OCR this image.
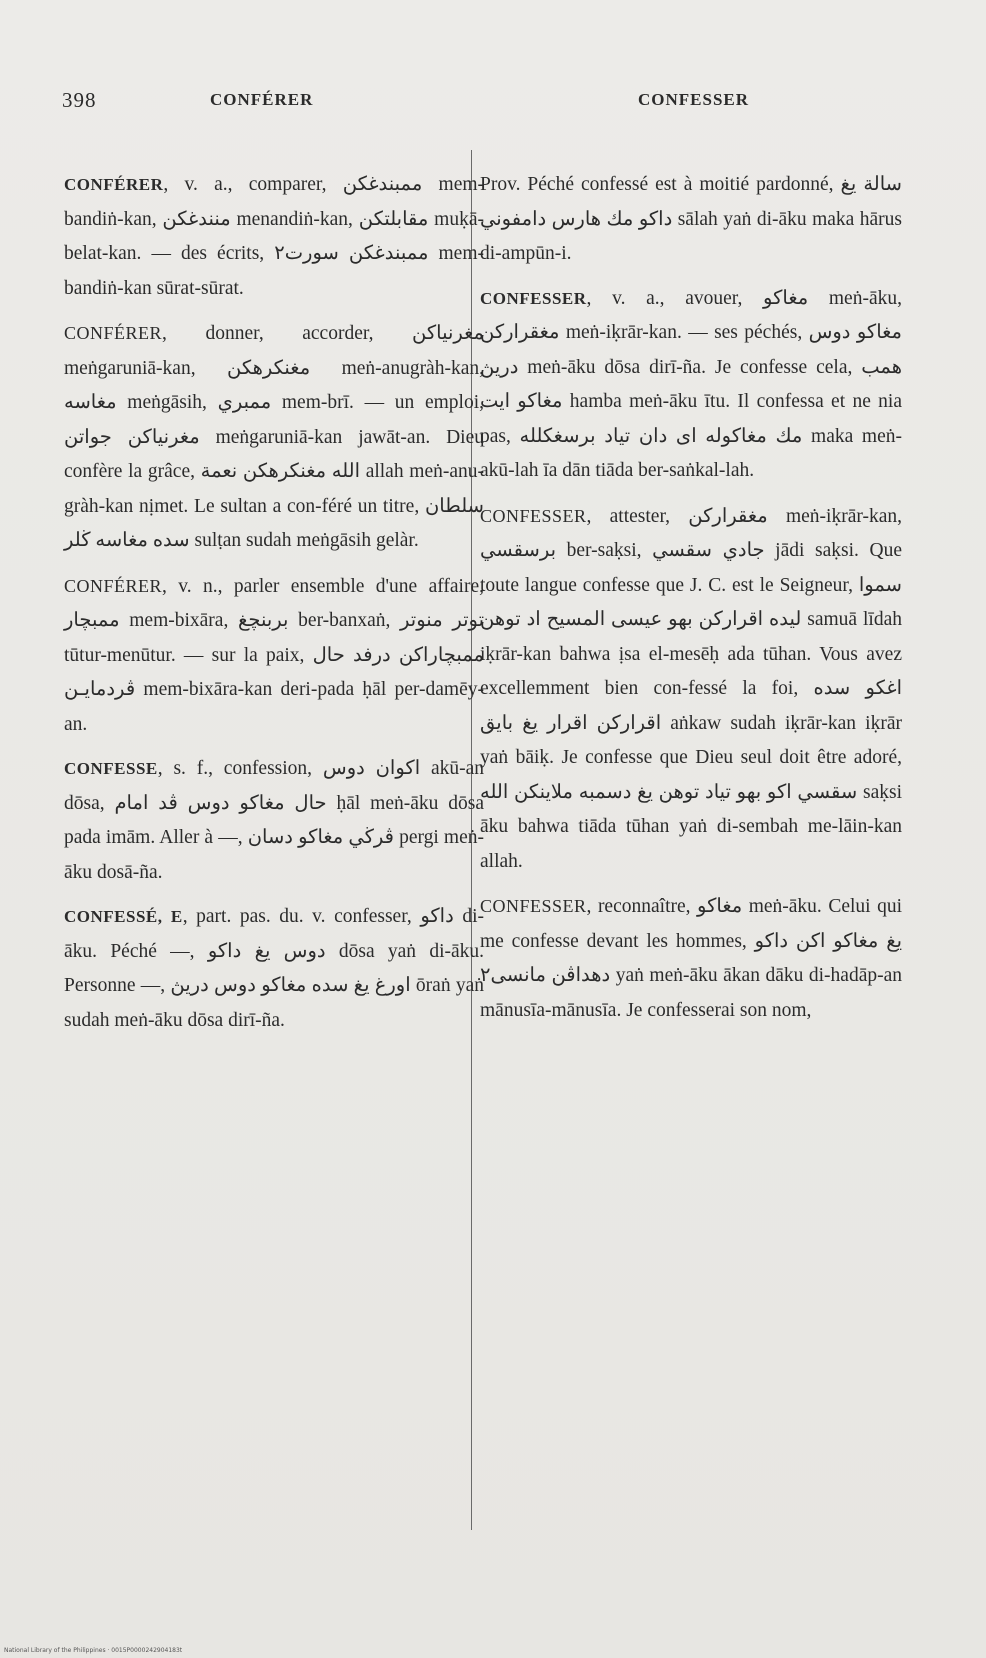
398	CONFÉRER	CONFESSER

CONFÉRER, v. a., comparer, ممبندغكن mem-bandiṅ-kan, منندغكن menandiṅ-kan, مقابلتكن muḳā-belat-kan. — des écrits, ممبندغكن سورت٢ mem-bandiṅ-kan sūrat-sūrat.

CONFÉRER, donner, accorder, مغرنياكن meṅgaruniā-kan, مغنكرهكن meṅ-anugràh-kan, مغاسه meṅgāsih, ممبري mem-brī. — un emploi, مغرنياكن جواتن meṅgaruniā-kan jawāt-an. Dieu confère la grâce, الله مغنكرهكن نعمة allah meṅ-anu-gràh-kan nịmet. Le sultan a con-féré un titre, سلطان سده مغاسه ڬلر sulṭan sudah meṅgāsih gelàr.

CONFÉRER, v. n., parler ensemble d'une affaire, ممبچار mem-bixāra, بربنچغ ber-banxaṅ, توتر منوتر tūtur-menūtur. — sur la paix, ممبچاراكن درفد حال ڤردمايـن mem-bixāra-kan deri-pada ḥāl per-damēy-an.

CONFESSE, s. f., confession, اكوان دوس akū-an dōsa, حال مغاكو دوس ڤد امام ḥāl meṅ-āku dōsa pada imām. Aller à —, ڤرڬي مغاكو دسان pergi meṅ-āku dosā-ña.

CONFESSÉ, E, part. pas. du. v. confesser, داكو di-āku. Péché —, دوس يغ داكو dōsa yaṅ di-āku. Personne —, اورغ يغ سده مغاكو دوس دريڽ ōraṅ yaṅ sudah meṅ-āku dōsa dirī-ña.

Prov. Péché confessé est à moitié pardonné, سالة يغ داكو مك هارس دامفوني sālah yaṅ di-āku maka hārus di-ampūn-i.

CONFESSER, v. a., avouer, مغاكو meṅ-āku, مغقراركن meṅ-iḳrār-kan. — ses péchés, مغاكو دوس دريڽ meṅ-āku dōsa dirī-ña. Je confesse cela, همب مغاكو ايت hamba meṅ-āku ītu. Il confessa et ne nia pas, مك مغاكوله اى دان تياد برسغكلله maka meṅ-akū-lah īa dān tiāda ber-saṅkal-lah.

CONFESSER, attester, مغقراركن meṅ-iḳrār-kan, برسقسي ber-saḳsi, جادي سقسي jādi saḳsi. Que toute langue confesse que J. C. est le Seigneur, سموا ليده اقراركن بهو عيسى المسيح اد توهن samuā līdah iḳrār-kan bahwa ịsa el-mesēḥ ada tūhan. Vous avez excellemment bien con-fessé la foi, اغكو سده اقراركن اقرار يغ بايق aṅkaw sudah iḳrār-kan iḳrār yaṅ bāiḳ. Je confesse que Dieu seul doit être adoré, سقسي اكو بهو تياد توهن يغ دسمبه ملاينكن الله saḳsi āku bahwa tiāda tūhan yaṅ di-sembah me-lāin-kan allah.

CONFESSER, reconnaître, مغاكو meṅ-āku. Celui qui me confesse devant les hommes, يغ مغاكو اكن داكو دهداڤن مانسى٢ yaṅ meṅ-āku ākan dāku di-hadāp-an mānusīa-mānusīa. Je confesserai son nom,

National Library of the Philippines · 0015P0000242904183t
